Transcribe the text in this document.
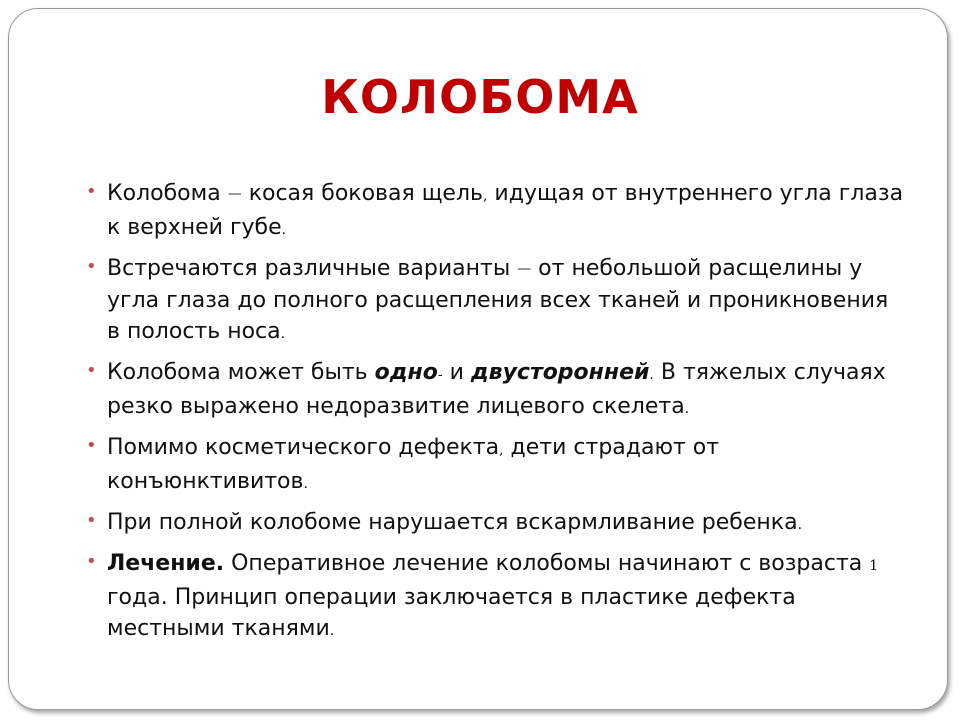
КОЛОБОМА
• Колобома — косая боковая щель, идущая от внутреннего угла глаза к верхней губе.
• Встречаются различные варианты — от небольшой расщелины у угла глаза до полного расщепления всех тканей и проникновения в полость носа.
• Колобома может быть одно- и двусторонней. В тяжелых случаях резко выражено недоразвитие лицевого скелета.
• Помимо косметического дефекта, дети страдают от конъюнктивитов.
• При полной колобоме нарушается вскармливание ребенка.
• Лечение. Оперативное лечение колобомы начинают с возраста 1 года. Принцип операции заключается в пластике дефекта местными тканями.
